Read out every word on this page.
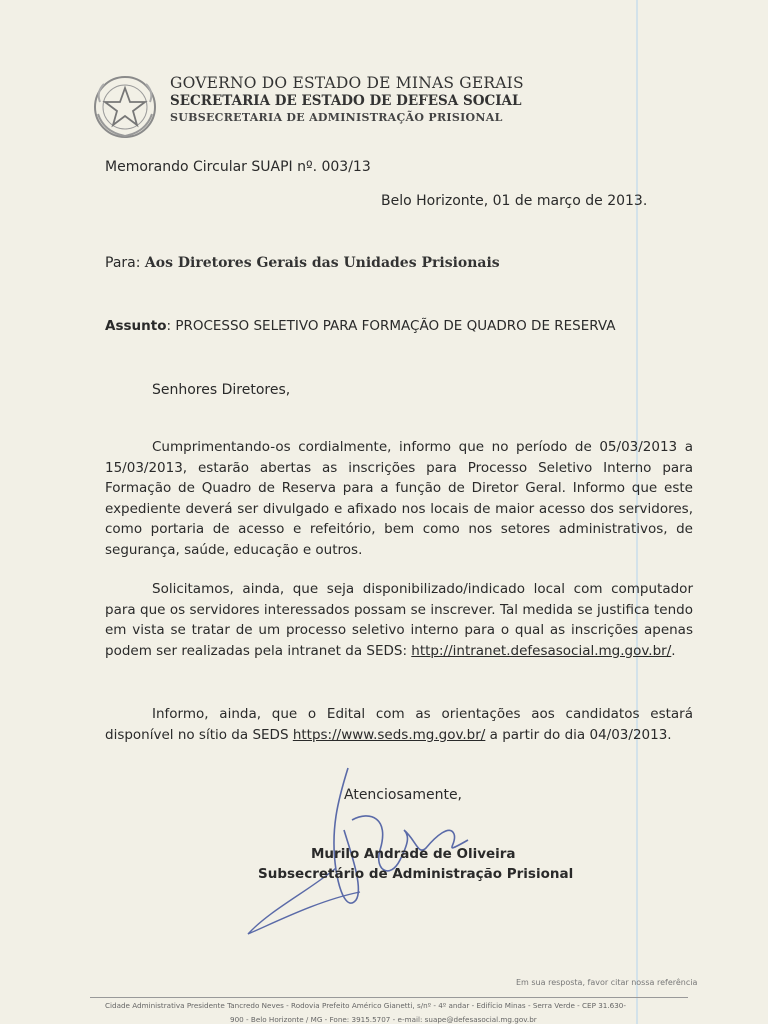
GOVERNO DO ESTADO DE MINAS GERAIS
SECRETARIA DE ESTADO DE DEFESA SOCIAL
SUBSECRETARIA DE ADMINISTRAÇÃO PRISIONAL
Memorando Circular SUAPI nº. 003/13
Belo Horizonte, 01 de março de 2013.
Para: Aos Diretores Gerais das Unidades Prisionais
Assunto: PROCESSO SELETIVO PARA FORMAÇÃO DE QUADRO DE RESERVA
Senhores Diretores,
Cumprimentando-os cordialmente, informo que no período de 05/03/2013 a 15/03/2013, estarão abertas as inscrições para Processo Seletivo Interno para Formação de Quadro de Reserva para a função de Diretor Geral. Informo que este expediente deverá ser divulgado e afixado nos locais de maior acesso dos servidores, como portaria de acesso e refeitório, bem como nos setores administrativos, de segurança, saúde, educação e outros.
Solicitamos, ainda, que seja disponibilizado/indicado local com computador para que os servidores interessados possam se inscrever. Tal medida se justifica tendo em vista se tratar de um processo seletivo interno para o qual as inscrições apenas podem ser realizadas pela intranet da SEDS: http://intranet.defesasocial.mg.gov.br/.
Informo, ainda, que o Edital com as orientações aos candidatos estará disponível no sítio da SEDS https://www.seds.mg.gov.br/ a partir do dia 04/03/2013.
Atenciosamente,
Murilo Andrade de Oliveira
Subsecretário de Administração Prisional
Em sua resposta, favor citar nossa referência
Cidade Administrativa Presidente Tancredo Neves - Rodovia Prefeito Américo Gianetti, s/nº - 4º andar - Edifício Minas - Serra Verde - CEP 31.630-
900 - Belo Horizonte / MG - Fone: 3915.5707 - e-mail: suape@defesasocial.mg.gov.br
